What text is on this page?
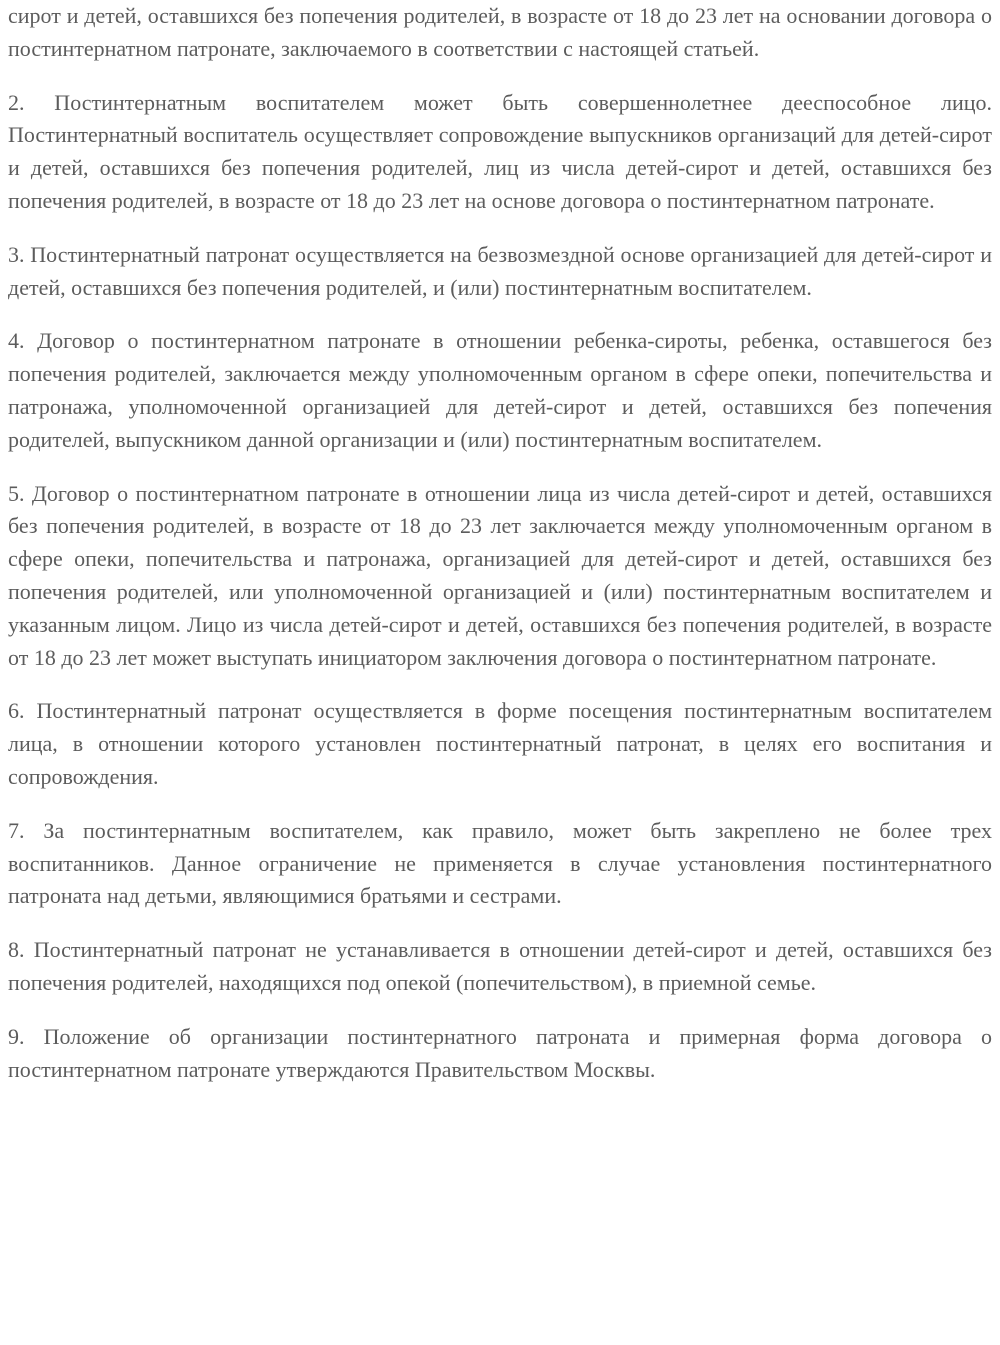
сирот и детей, оставшихся без попечения родителей, в возрасте от 18 до 23 лет на основании договора о постинтернатном патронате, заключаемого в соответствии с настоящей статьей.

2. Постинтернатным воспитателем может быть совершеннолетнее дееспособное лицо. Постинтернатный воспитатель осуществляет сопровождение выпускников организаций для детей-сирот и детей, оставшихся без попечения родителей, лиц из числа детей-сирот и детей, оставшихся без попечения родителей, в возрасте от 18 до 23 лет на основе договора о постинтернатном патронате.

3. Постинтернатный патронат осуществляется на безвозмездной основе организацией для детей-сирот и детей, оставшихся без попечения родителей, и (или) постинтернатным воспитателем.

4. Договор о постинтернатном патронате в отношении ребенка-сироты, ребенка, оставшегося без попечения родителей, заключается между уполномоченным органом в сфере опеки, попечительства и патронажа, уполномоченной организацией для детей-сирот и детей, оставшихся без попечения родителей, выпускником данной организации и (или) постинтернатным воспитателем.

5. Договор о постинтернатном патронате в отношении лица из числа детей-сирот и детей, оставшихся без попечения родителей, в возрасте от 18 до 23 лет заключается между уполномоченным органом в сфере опеки, попечительства и патронажа, организацией для детей-сирот и детей, оставшихся без попечения родителей, или уполномоченной организацией и (или) постинтернатным воспитателем и указанным лицом. Лицо из числа детей-сирот и детей, оставшихся без попечения родителей, в возрасте от 18 до 23 лет может выступать инициатором заключения договора о постинтернатном патронате.

6. Постинтернатный патронат осуществляется в форме посещения постинтернатным воспитателем лица, в отношении которого установлен постинтернатный патронат, в целях его воспитания и сопровождения.

7. За постинтернатным воспитателем, как правило, может быть закреплено не более трех воспитанников. Данное ограничение не применяется в случае установления постинтернатного патроната над детьми, являющимися братьями и сестрами.

8. Постинтернатный патронат не устанавливается в отношении детей-сирот и детей, оставшихся без попечения родителей, находящихся под опекой (попечительством), в приемной семье.

9. Положение об организации постинтернатного патроната и примерная форма договора о постинтернатном патронате утверждаются Правительством Москвы.
